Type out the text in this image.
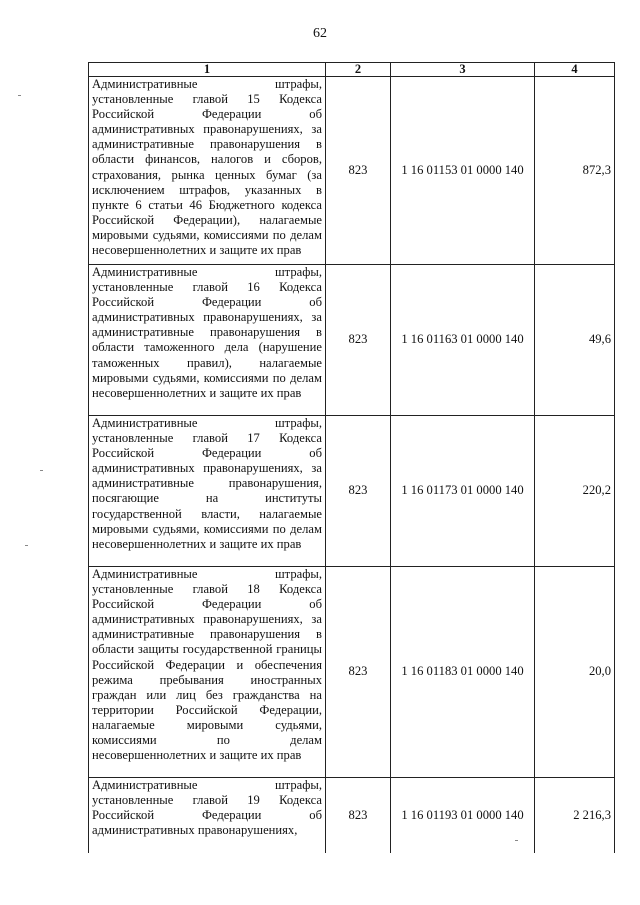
62
1	2	3	4
Административные штрафы, установленные главой 15 Кодекса Российской Федерации об административных правонарушениях, за административные правонарушения в области финансов, налогов и сборов, страхования, рынка ценных бумаг (за исключением штрафов, указанных в пункте 6 статьи 46 Бюджетного кодекса Российской Федерации), налагаемые мировыми судьями, комиссиями по делам несовершеннолетних и защите их прав	823	1 16 01153 01 0000 140	872,3
Административные штрафы, установленные главой 16 Кодекса Российской Федерации об административных правонарушениях, за административные правонарушения в области таможенного дела (нарушение таможенных правил), налагаемые мировыми судьями, комиссиями по делам несовершеннолетних и защите их прав	823	1 16 01163 01 0000 140	49,6
Административные штрафы, установленные главой 17 Кодекса Российской Федерации об административных правонарушениях, за административные правонарушения, посягающие на институты государственной власти, налагаемые мировыми судьями, комиссиями по делам несовершеннолетних и защите их прав	823	1 16 01173 01 0000 140	220,2
Административные штрафы, установленные главой 18 Кодекса Российской Федерации об административных правонарушениях, за административные правонарушения в области защиты государственной границы Российской Федерации и обеспечения режима пребывания иностранных граждан или лиц без гражданства на территории Российской Федерации, налагаемые мировыми судьями, комиссиями по делам несовершеннолетних и защите их прав	823	1 16 01183 01 0000 140	20,0
Административные штрафы, установленные главой 19 Кодекса Российской Федерации об административных правонарушениях,	823	1 16 01193 01 0000 140	2 216,3
